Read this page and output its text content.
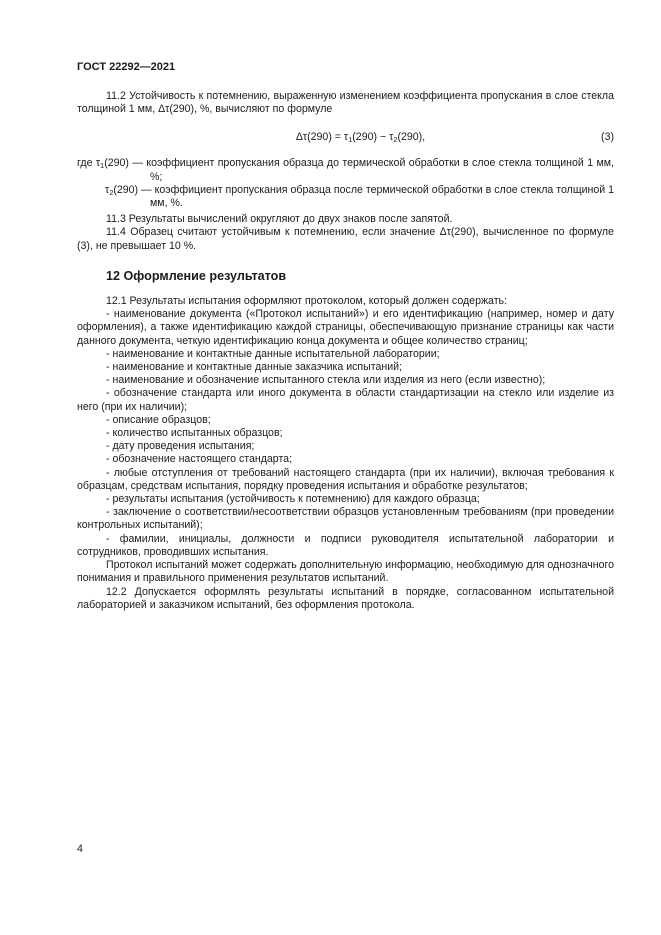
ГОСТ 22292—2021

11.2 Устойчивость к потемнению, выраженную изменением коэффициента пропускания в слое стекла толщиной 1 мм, Δτ(290), %, вычисляют по формуле

$\Delta\tau(290) = \tau_1(290) - \tau_2(290)$,	(3)

где $\tau_1(290)$ — коэффициент пропускания образца до термической обработки в слое стекла толщиной 1 мм, %;

$\tau_2(290)$ — коэффициент пропускания образца после термической обработки в слое стекла толщиной 1 мм, %.

11.3 Результаты вычислений округляют до двух знаков после запятой.

11.4 Образец считают устойчивым к потемнению, если значение Δτ(290), вычисленное по формуле (3), не превышает 10 %.

12 Оформление результатов

12.1 Результаты испытания оформляют протоколом, который должен содержать:

- наименование документа («Протокол испытаний») и его идентификацию (например, номер и дату оформления), а также идентификацию каждой страницы, обеспечивающую признание страницы как части данного документа, четкую идентификацию конца документа и общее количество страниц;

- наименование и контактные данные испытательной лаборатории;

- наименование и контактные данные заказчика испытаний;

- наименование и обозначение испытанного стекла или изделия из него (если известно);

- обозначение стандарта или иного документа в области стандартизации на стекло или изделие из него (при их наличии);

- описание образцов;

- количество испытанных образцов;

- дату проведения испытания;

- обозначение настоящего стандарта;

- любые отступления от требований настоящего стандарта (при их наличии), включая требования к образцам, средствам испытания, порядку проведения испытания и обработке результатов;

- результаты испытания (устойчивость к потемнению) для каждого образца;

- заключение о соответствии/несоответствии образцов установленным требованиям (при проведении контрольных испытаний);

- фамилии, инициалы, должности и подписи руководителя испытательной лаборатории и сотрудников, проводивших испытания.

Протокол испытаний может содержать дополнительную информацию, необходимую для однозначного понимания и правильного применения результатов испытаний.

12.2 Допускается оформлять результаты испытаний в порядке, согласованном испытательной лабораторией и заказчиком испытаний, без оформления протокола.

4
